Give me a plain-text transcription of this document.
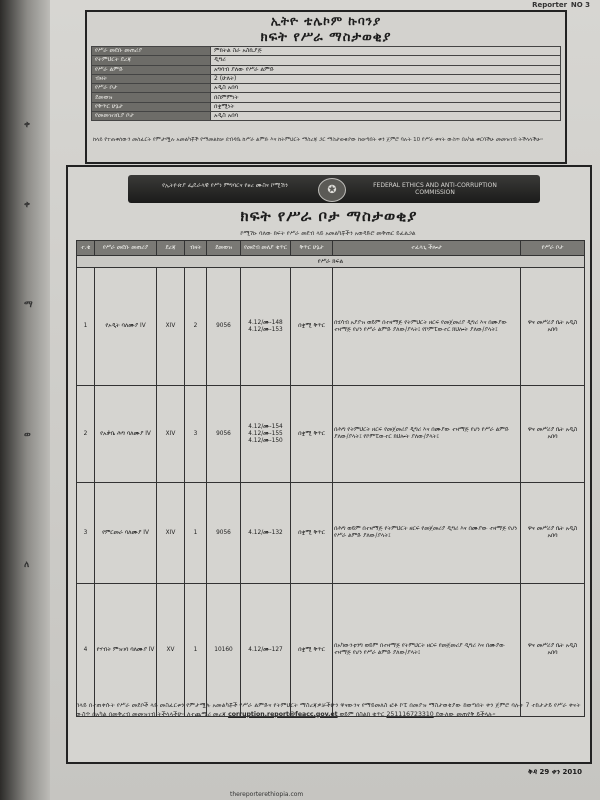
ቀ
ቀ
ማ
ወ
ለ
Reporter NO 3
ኢትዮ ቴሌኮም ኩባንያ
ክፍት የሥራ ማስታወቂያ
የሥራ መደቡ መጠሪያ	ምክትል ስራ አስኪያጅ
የትምህርት ደረጃ	ዲግሪ
የሥራ ልምድ	አግባብ ያለው የሥራ ልምድ
ብዛት	2 (ሁለት)
የሥራ ቦታ	አዲስ አበባ
ደመወዝ	በስምምነት
የቅጥር ሁኔታ	በቋሚነት
የመመዝገቢያ ቦታ	አዲስ አበባ
ከላይ የተጠቀሰውን መስፈርት የምታሟሉ አመልካቾች የማመልከቻ ደብዳቤ ከሥራ ልምድ እና ከትምህርት ማስረጃ ጋር ማስታወቂያው ከወጣበት ቀን ጀምሮ ባሉት 10 የሥራ ቀናት ውስጥ በአካል ቀርባችሁ መመዝገብ ትችላላችሁ።
የኢትዮጵያ ፌዴራላዊ የሥነ ምግባርና የፀረ ሙስና ኮሚሽን	✪	FEDERAL ETHICS AND ANTI-CORRUPTION COMMISSION
ክፍት የሥራ ቦታ ማስታወቂያ
ኮሚሽኑ ባለው ክፍት የሥራ መደብ ላይ አመልካቾችን አወዳድሮ መቅጠር ይፈልጋል
ተ.ቁ	የሥራ መደቡ መጠሪያ	ደረጃ	ብዛት	ደመወዝ	የመደብ መለያ ቁጥር	ቅጥር ሁኔታ	ተፈላጊ ችሎታ	የሥራ ቦታ
የሥራ ክፍል								
1	የኦዲት ባለሙያ IV	XIV	2	9056	4.12/ሙ-148 4.12/ሙ-153	በቋሚ ቅጥር	በሂሳብ አያያዝ ወይም በተዛማጅ የትምህርት ዘርፍ የመጀመሪያ ዲግሪ እና በሙያው ተዛማጅ የሆነ የሥራ ልምድ ያለው/ያላት፤ የኮምፒውተር ክህሎት ያለው/ያላት፤	ዋና መሥሪያ ቤት አዲስ አበባ
2	የአቃቤ ሕግ ባለሙያ IV	XIV	3	9056	4.12/ሙ-154 4.12/ሙ-155 4.12/ሙ-150	በቋሚ ቅጥር	በሕግ የትምህርት ዘርፍ የመጀመሪያ ዲግሪ እና በሙያው ተዛማጅ የሆነ የሥራ ልምድ ያለው/ያላት፤ የኮምፒውተር ክህሎት ያለው/ያላት፤	ዋና መሥሪያ ቤት አዲስ አበባ
3	የምርመራ ባለሙያ IV	XIV	1	9056	4.12/ሙ-132	በቋሚ ቅጥር	በሕግ ወይም በተዛማጅ የትምህርት ዘርፍ የመጀመሪያ ዲግሪ እና በሙያው ተዛማጅ የሆነ የሥራ ልምድ ያለው/ያላት፤	ዋና መሥሪያ ቤት አዲስ አበባ
4	የሃብት ምዝገባ ባለሙያ IV	XV	1	10160	4.12/ሙ-127	በቋሚ ቅጥር	በአካውንቲንግ ወይም በተዛማጅ የትምህርት ዘርፍ የመጀመሪያ ዲግሪ እና በሙያው ተዛማጅ የሆነ የሥራ ልምድ ያለው/ያላት፤	ዋና መሥሪያ ቤት አዲስ አበባ
ከላይ በተጠቀሱት የሥራ መደቦች ላይ መስፈርቱን የምታሟሉ አመልካቾች የሥራ ልምድና የትምህርት ማስረጃዎቻችሁን ዋናውንና የማይመለስ ፎቶ ኮፒ በመያዝ ማስታወቂያው ከወጣበት ቀን ጀምሮ ባሉት 7 ተከታታይ የሥራ ቀናት ውስጥ በአካል በመቅረብ መመዝገብ ትችላላችሁ። ለተጨማሪ መረጃ corruption.report@feacc.gov.et ወይም በስልክ ቁጥር 251116723310 ደውለው መጠየቅ ይችላሉ።
ቅዳ 29 ቀን 2010
thereporterethiopia.com
